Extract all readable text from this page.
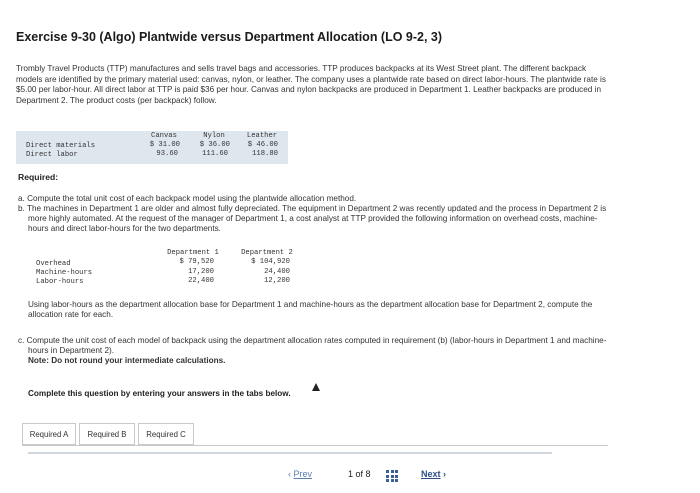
Exercise 9-30 (Algo) Plantwide versus Department Allocation (LO 9-2, 3)
Trombly Travel Products (TTP) manufactures and sells travel bags and accessories. TTP produces backpacks at its West Street plant. The different backpack models are identified by the primary material used: canvas, nylon, or leather. The company uses a plantwide rate based on direct labor-hours. The plantwide rate is $5.00 per labor-hour. All direct labor at TTP is paid $36 per hour. Canvas and nylon backpacks are produced in Department 1. Leather backpacks are produced in Department 2. The product costs (per backpack) follow.
Canvas	Nylon	Leather
Direct materials	$ 31.00	$ 36.00	$ 46.00
Direct labor	93.60	111.60	118.80
Required:
a. Compute the total unit cost of each backpack model using the plantwide allocation method.
b. The machines in Department 1 are older and almost fully depreciated. The equipment in Department 2 was recently updated and the process in Department 2 is more highly automated. At the request of the manager of Department 1, a cost analyst at TTP provided the following information on overhead costs, machine-hours and direct labor-hours for the two departments.
Department 1	Department 2
Overhead	$ 79,520	$ 104,920
Machine-hours	17,200	24,400
Labor-hours	22,400	12,200
Using labor-hours as the department allocation base for Department 1 and machine-hours as the department allocation base for Department 2, compute the allocation rate for each.
c. Compute the unit cost of each model of backpack using the department allocation rates computed in requirement (b) (labor-hours in Department 1 and machine-hours in Department 2).
Note: Do not round your intermediate calculations.
Complete this question by entering your answers in the tabs below.
Required A	Required B	Required C
‹ Prev	1 of 8	Next ›
